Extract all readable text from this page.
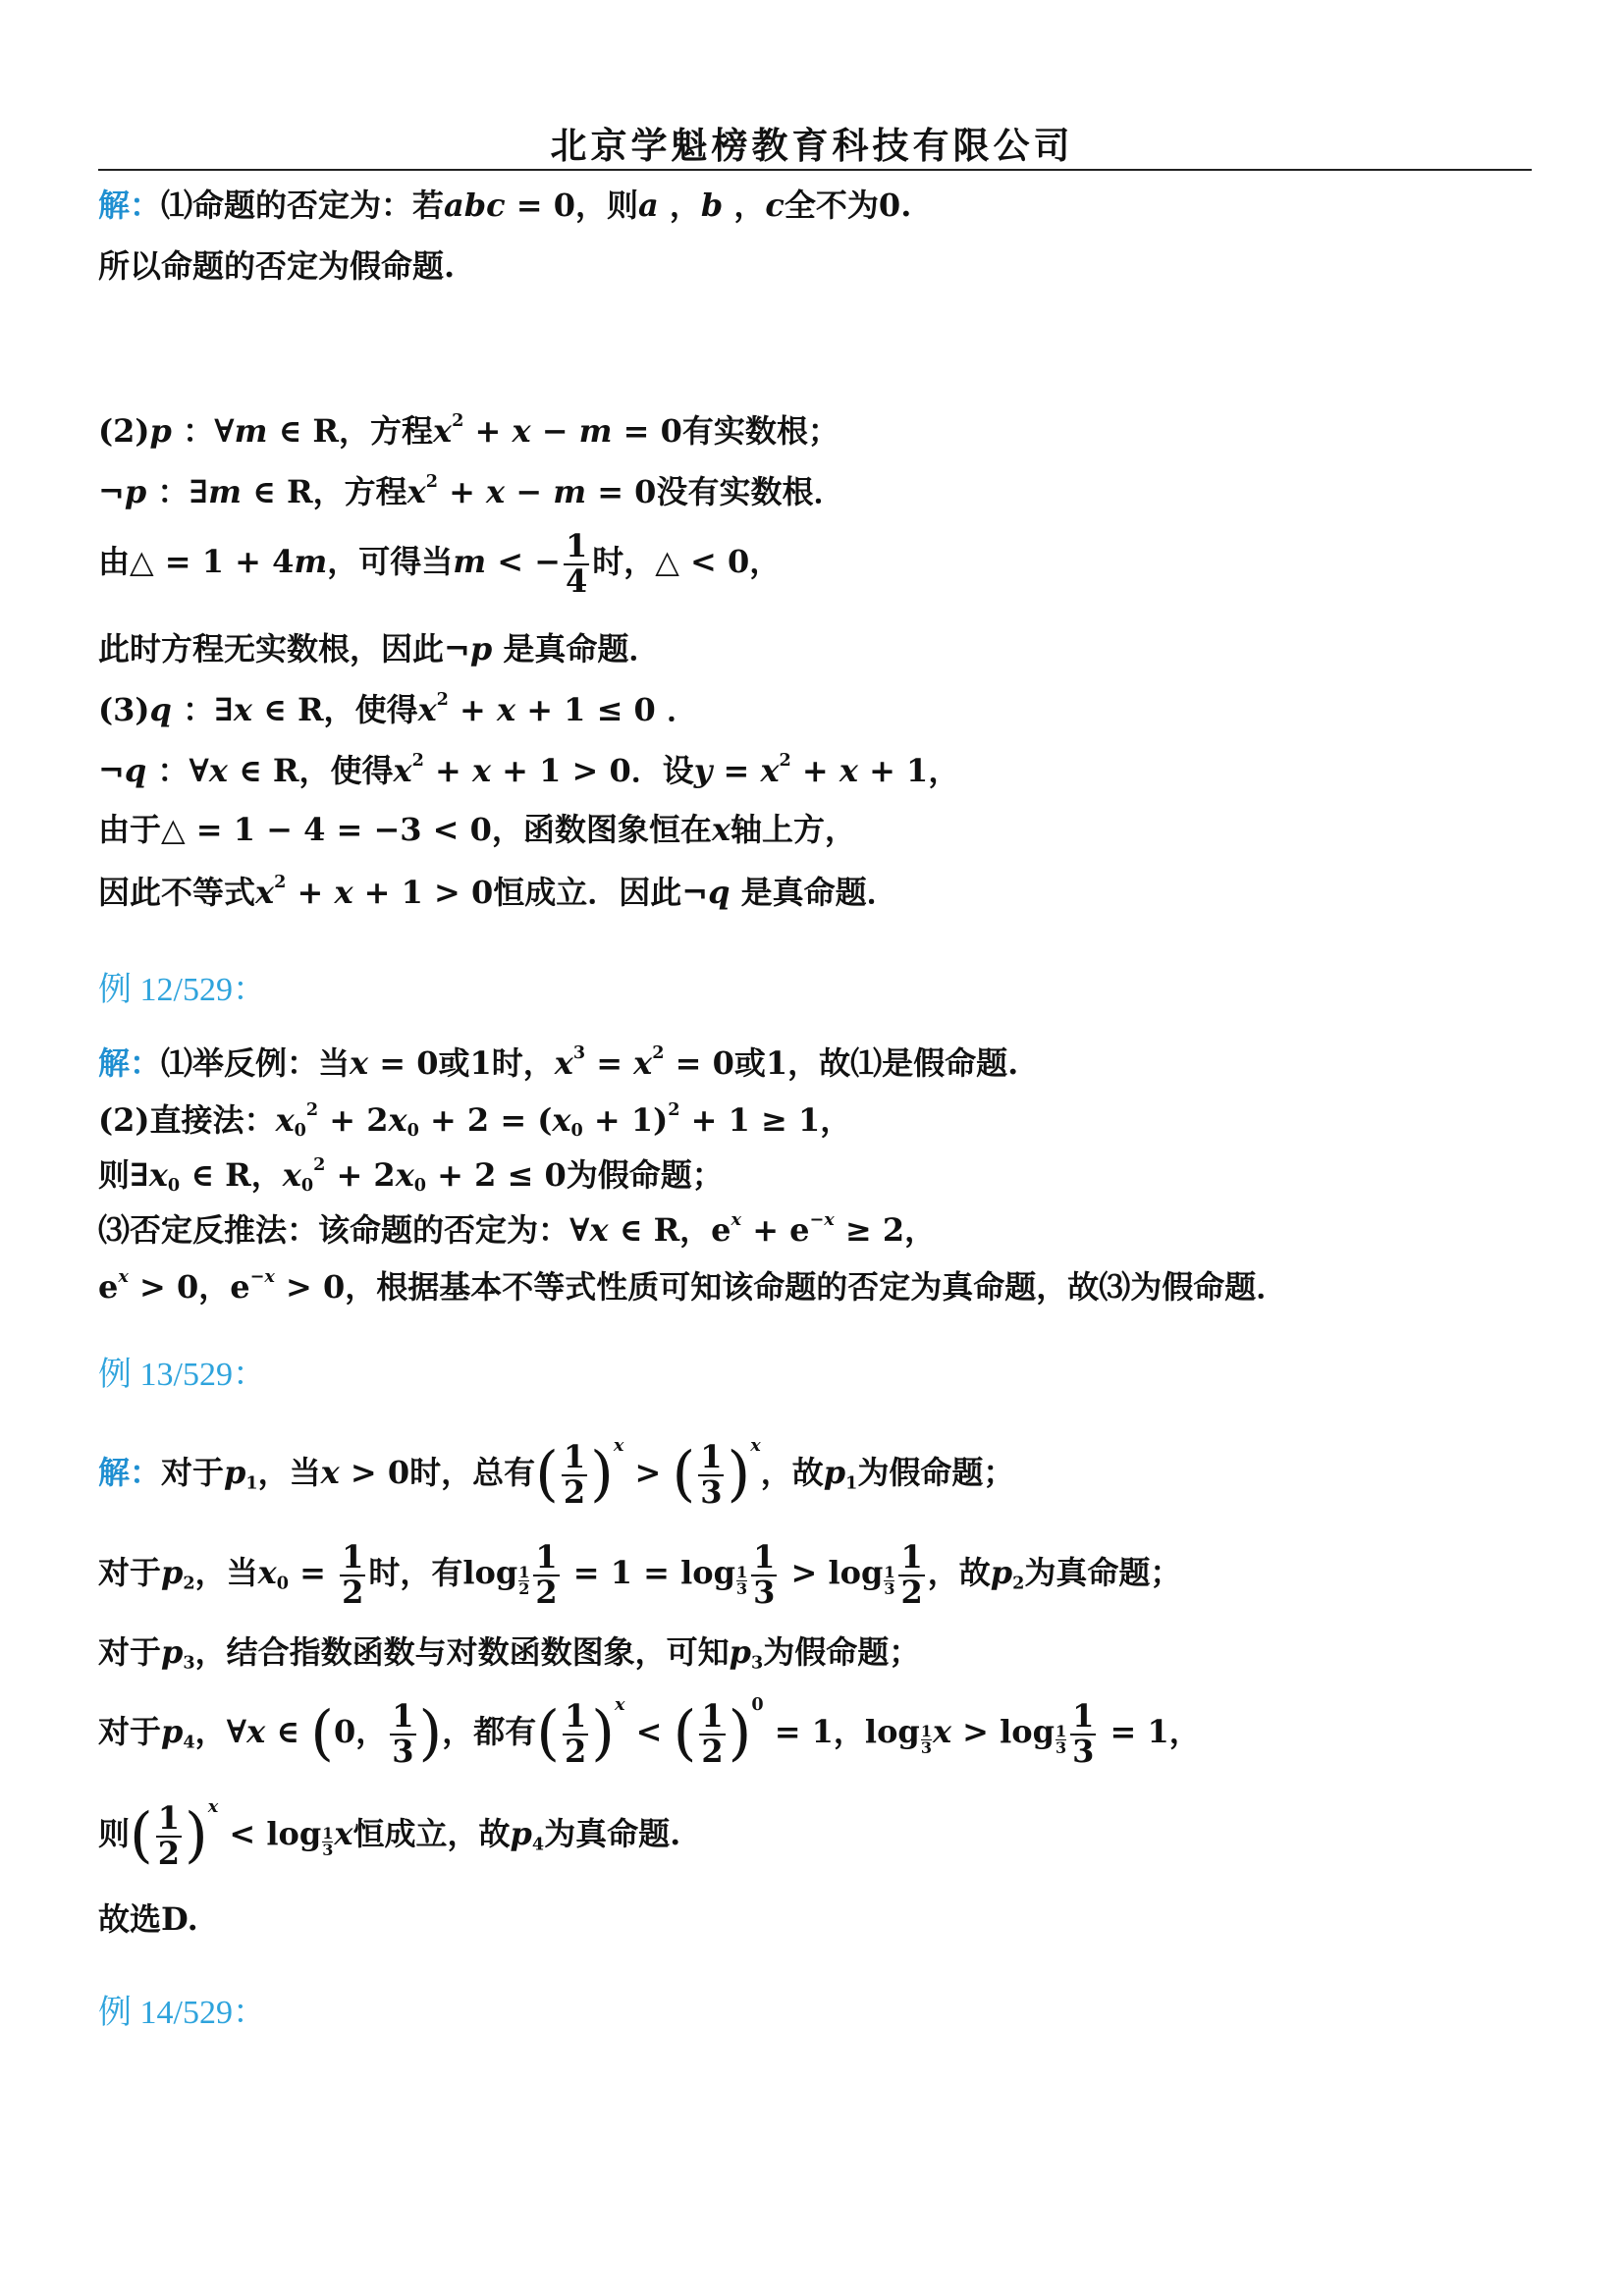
北京学魁榜教育科技有限公司
解：⑴命题的否定为：若abc = 0，则a ，b ，c全不为0.
所以命题的否定为假命题.
(2)p ：∀m ∈ R，方程$x^2 + x - m = 0$有实数根；
¬p ：∃m ∈ R，方程$x^2 + x - m = 0$没有实数根．
由△ = 1 + 4m，可得当m < − $\frac{1}{4}$ 时，△ < 0，
此时方程无实数根，因此¬p 是真命题．
(3)q ：∃x ∈ R，使得$x^2 + x + 1 \le 0$ ．
¬q ：∀x ∈ R，使得$x^2 + x + 1 > 0$．设$y = x^2 + x + 1$，
由于△ = 1 − 4 = −3 < 0，函数图象恒在x轴上方，
因此不等式$x^2 + x + 1 > 0$恒成立．因此¬q 是真命题．
例 12/529：
解：⑴举反例：当x = 0或1时，$x^3 = x^2 = 0$或1，故⑴是假命题.
(2)直接法：$x_0^2 + 2x_0 + 2 = (x_0 + 1)^2 + 1 \ge 1$，
则$\exists x_0$ ∈ R，$x_0^2 + 2x_0 + 2 \le 0$为假命题；
⑶否定反推法：该命题的否定为：∀x ∈ R，$e^x + e^{-x} \ge 2$，
$e^x > 0$，$e^{-x} > 0$，根据基本不等式性质可知该命题的否定为真命题，故⑶为假命题．
例 13/529：
解：对于$p_1$，当x > 0时，总有( $\frac{1}{2} )x$ > ( $\frac{1}{3} )x$，故$p_1$为假命题；
对于$p_2$，当$x_0 = \frac{1}{2}$ 时，有$\log \frac{1}{2} \frac{1}{2} = 1 = \log \frac{1}{3} \frac{1}{3} > \log \frac{1}{3} \frac{1}{2}$ ，故$p_2$为真命题；
对于$p_3$，结合指数函数与对数函数图象，可知$p_3$为假命题；
对于$p_4$，∀x ∈ (0， $\frac{1}{3}$ )，都有( $\frac{1}{2} )x$ < ( $\frac{1}{2} )0 = 1$，$\log \frac{1}{3}$ $x > \log \frac{1}{3} \frac{1}{3} = 1$，
则( $\frac{1}{2} )x < \log \frac{1}{3}$ x恒成立，故$p_4$为真命题.
故选D.
例 14/529：
